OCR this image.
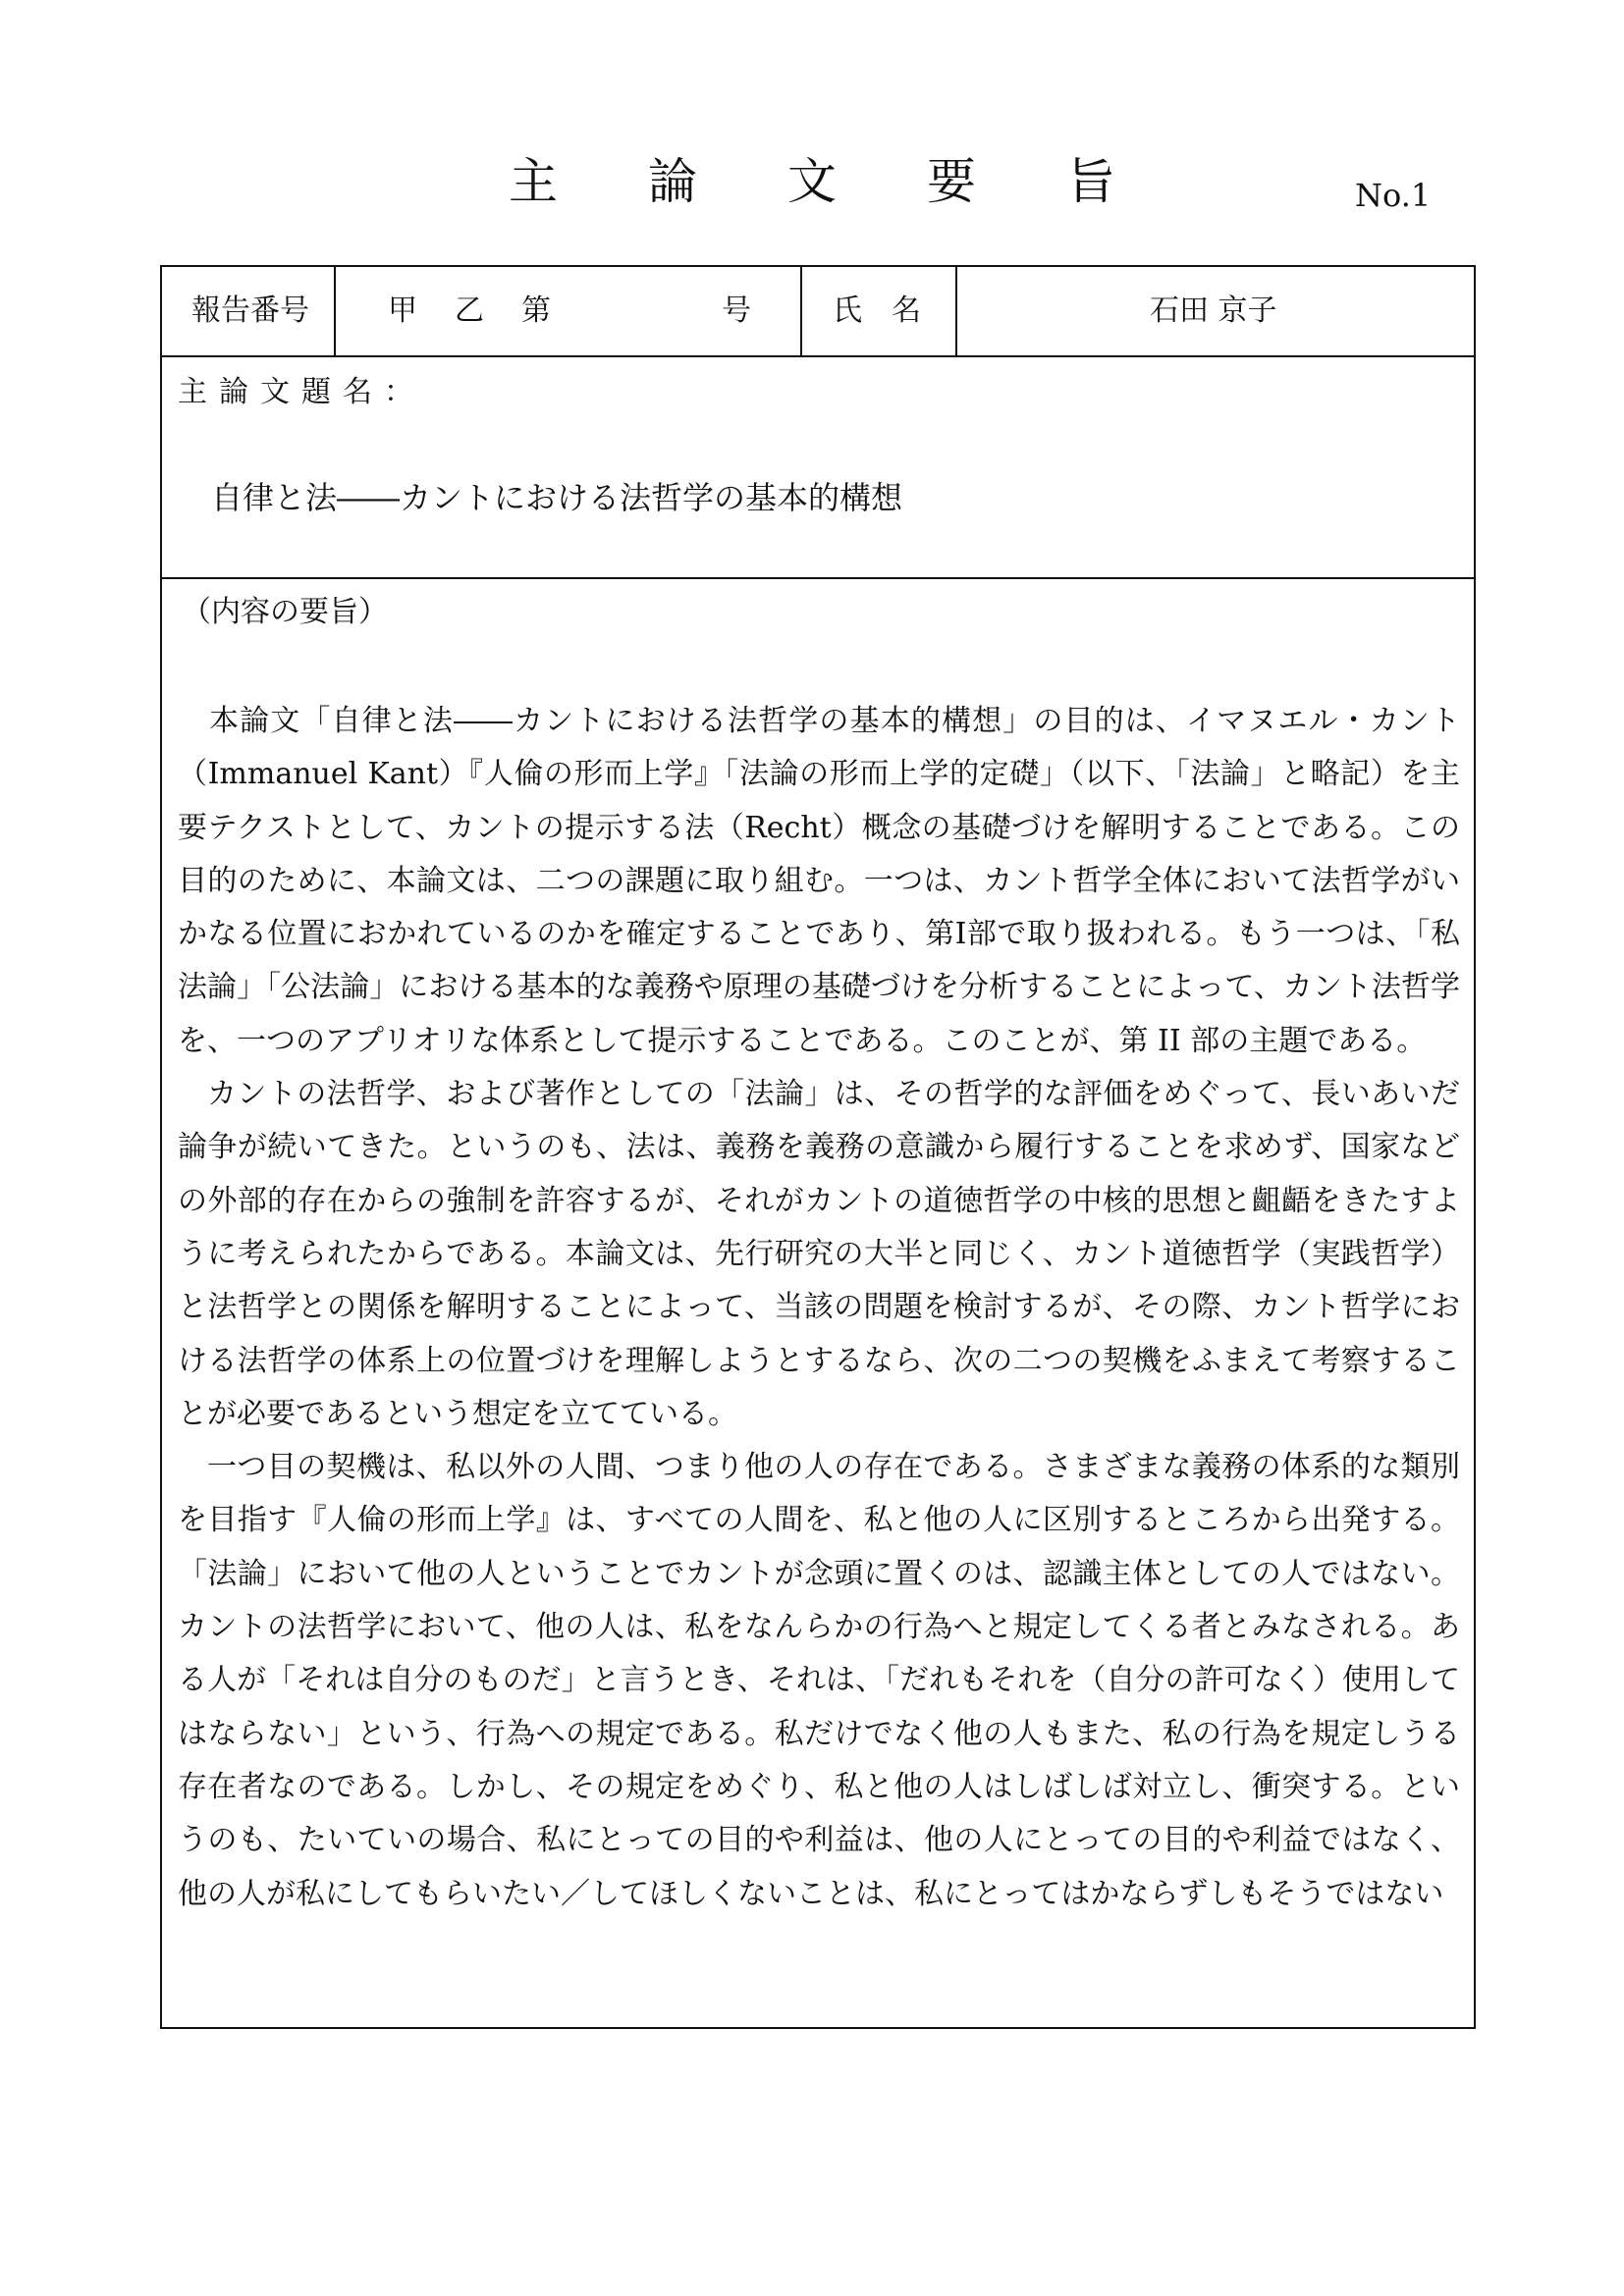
主 論 文 要 旨	No.1
報告番号	甲　乙　第　　　　　号	氏　名	石田 京子
主論文題名：
自律と法――カントにおける法哲学の基本的構想
（内容の要旨）

本論文「自律と法――カントにおける法哲学の基本的構想」の目的は、イマヌエル・カント（Immanuel Kant）『人倫の形而上学』「法論の形而上学的定礎」（以下、「法論」と略記）を主要テクストとして、カントの提示する法（Recht）概念の基礎づけを解明することである。この目的のために、本論文は、二つの課題に取り組む。一つは、カント哲学全体において法哲学がいかなる位置におかれているのかを確定することであり、第Ⅰ部で取り扱われる。もう一つは、「私法論」「公法論」における基本的な義務や原理の基礎づけを分析することによって、カント法哲学を、一つのアプリオリな体系として提示することである。このことが、第 II 部の主題である。

カントの法哲学、および著作としての「法論」は、その哲学的な評価をめぐって、長いあいだ論争が続いてきた。というのも、法は、義務を義務の意識から履行することを求めず、国家などの外部的存在からの強制を許容するが、それがカントの道徳哲学の中核的思想と齟齬をきたすように考えられたからである。本論文は、先行研究の大半と同じく、カント道徳哲学（実践哲学）と法哲学との関係を解明することによって、当該の問題を検討するが、その際、カント哲学における法哲学の体系上の位置づけを理解しようとするなら、次の二つの契機をふまえて考察することが必要であるという想定を立てている。

一つ目の契機は、私以外の人間、つまり他の人の存在である。さまざまな義務の体系的な類別を目指す『人倫の形而上学』は、すべての人間を、私と他の人に区別するところから出発する。「法論」において他の人ということでカントが念頭に置くのは、認識主体としての人ではない。カントの法哲学において、他の人は、私をなんらかの行為へと規定してくる者とみなされる。ある人が「それは自分のものだ」と言うとき、それは、「だれもそれを（自分の許可なく）使用してはならない」という、行為への規定である。私だけでなく他の人もまた、私の行為を規定しうる存在者なのである。しかし、その規定をめぐり、私と他の人はしばしば対立し、衝突する。というのも、たいていの場合、私にとっての目的や利益は、他の人にとっての目的や利益ではなく、他の人が私にしてもらいたい／してほしくないことは、私にとってはかならずしもそうではない
